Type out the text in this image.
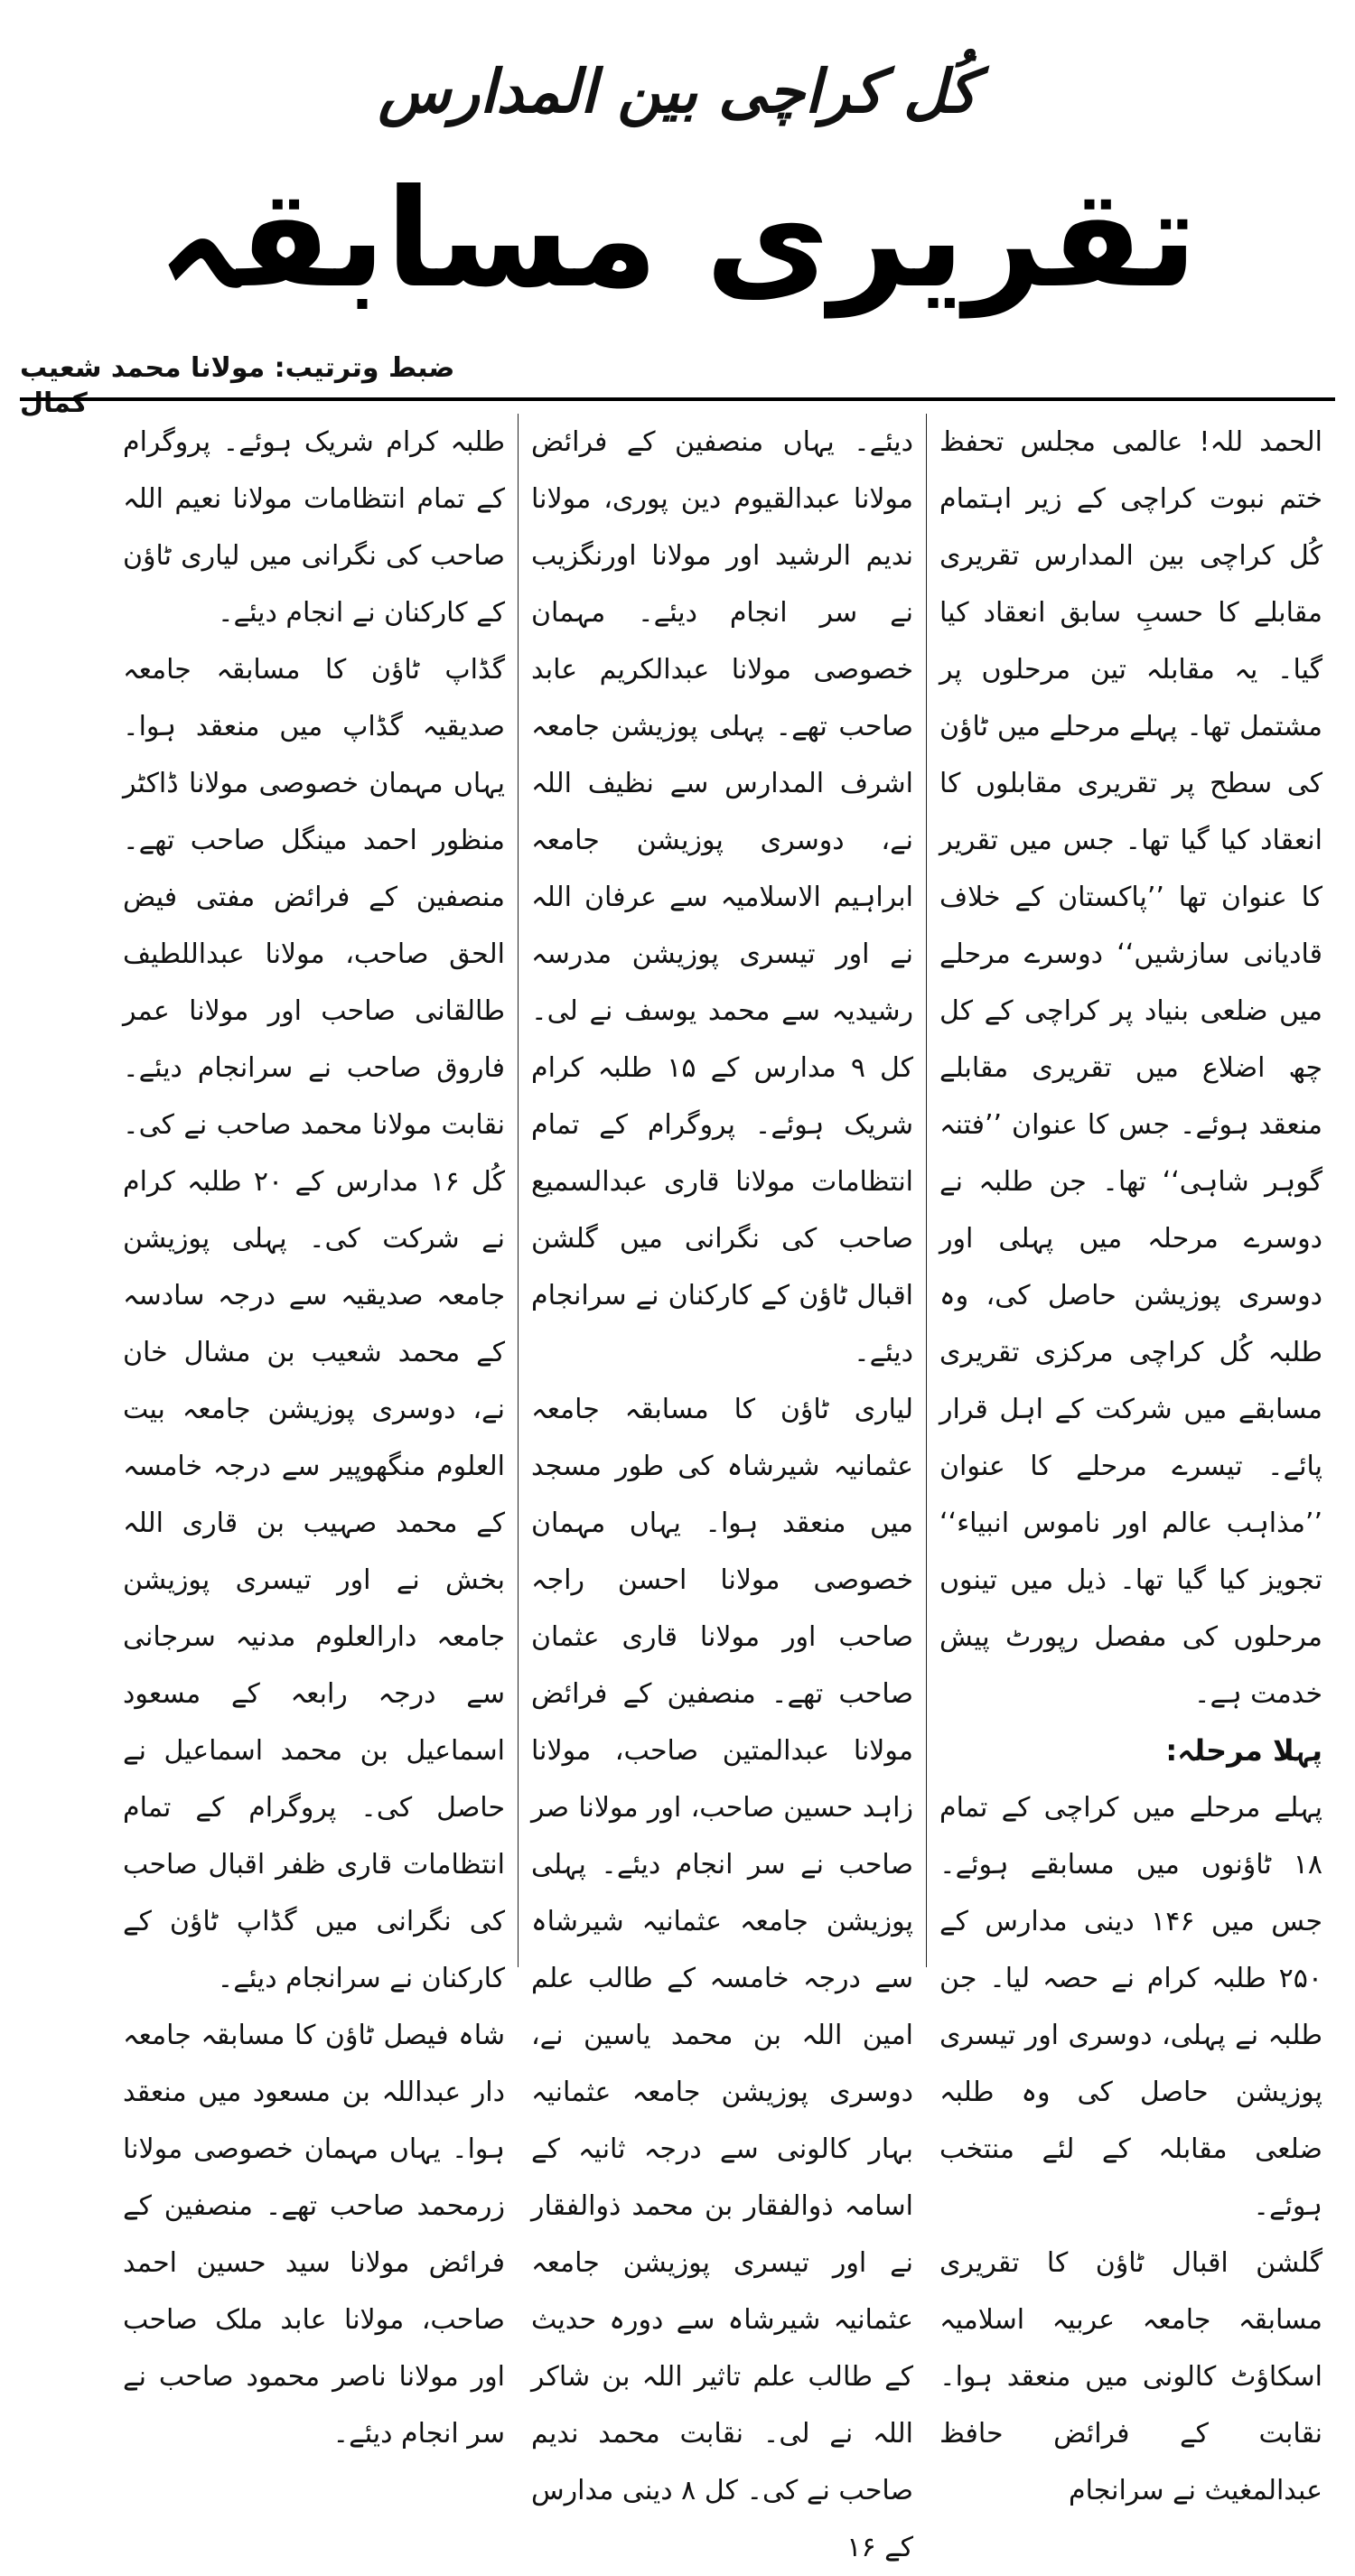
کُل کراچی بین المدارس
تقریری مسابقہ
ضبط وترتیب: مولانا محمد شعیب کمال

الحمد للہ! عالمی مجلس تحفظ ختم نبوت کراچی کے زیر اہتمام کُل کراچی بین المدارس تقریری مقابلے کا حسبِ سابق انعقاد کیا گیا۔ یہ مقابلہ تین مرحلوں پر مشتمل تھا۔ پہلے مرحلے میں ٹاؤن کی سطح پر تقریری مقابلوں کا انعقاد کیا گیا تھا۔ جس میں تقریر کا عنوان تھا ’’پاکستان کے خلاف قادیانی سازشیں‘‘ دوسرے مرحلے میں ضلعی بنیاد پر کراچی کے کل چھ اضلاع میں تقریری مقابلے منعقد ہوئے۔ جس کا عنوان ’’فتنہ گوہر شاہی‘‘ تھا۔ جن طلبہ نے دوسرے مرحلہ میں پہلی اور دوسری پوزیشن حاصل کی، وہ طلبہ کُل کراچی مرکزی تقریری مسابقے میں شرکت کے اہل قرار پائے۔ تیسرے مرحلے کا عنوان ’’مذاہب عالم اور ناموس انبیاء‘‘ تجویز کیا گیا تھا۔ ذیل میں تینوں مرحلوں کی مفصل رپورٹ پیش خدمت ہے۔

پہلا مرحلہ:

پہلے مرحلے میں کراچی کے تمام ۱۸ ٹاؤنوں میں مسابقے ہوئے۔ جس میں ۱۴۶ دینی مدارس کے ۲۵۰ طلبہ کرام نے حصہ لیا۔ جن طلبہ نے پہلی، دوسری اور تیسری پوزیشن حاصل کی وہ طلبہ ضلعی مقابلہ کے لئے منتخب ہوئے۔

گلشن اقبال ٹاؤن کا تقریری مسابقہ جامعہ عربیہ اسلامیہ اسکاؤٹ کالونی میں منعقد ہوا۔ نقابت کے فرائض حافظ عبدالمغیث نے سرانجام

دیئے۔ یہاں منصفین کے فرائض مولانا عبدالقیوم دین پوری، مولانا ندیم الرشید اور مولانا اورنگزیب نے سر انجام دیئے۔ مہمان خصوصی مولانا عبدالکریم عابد صاحب تھے۔ پہلی پوزیشن جامعہ اشرف المدارس سے نظیف اللہ نے، دوسری پوزیشن جامعہ ابراہیم الاسلامیہ سے عرفان اللہ نے اور تیسری پوزیشن مدرسہ رشیدیہ سے محمد یوسف نے لی۔ کل ۹ مدارس کے ۱۵ طلبہ کرام شریک ہوئے۔ پروگرام کے تمام انتظامات مولانا قاری عبدالسمیع صاحب کی نگرانی میں گلشن اقبال ٹاؤن کے کارکنان نے سرانجام دیئے۔

لیاری ٹاؤن کا مسابقہ جامعہ عثمانیہ شیرشاہ کی طور مسجد میں منعقد ہوا۔ یہاں مہمان خصوصی مولانا احسن راجہ صاحب اور مولانا قاری عثمان صاحب تھے۔ منصفین کے فرائض مولانا عبدالمتین صاحب، مولانا زاہد حسین صاحب، اور مولانا صر صاحب نے سر انجام دیئے۔ پہلی پوزیشن جامعہ عثمانیہ شیرشاہ سے درجہ خامسہ کے طالب علم امین اللہ بن محمد یاسین نے، دوسری پوزیشن جامعہ عثمانیہ بہار کالونی سے درجہ ثانیہ کے اسامہ ذوالفقار بن محمد ذوالفقار نے اور تیسری پوزیشن جامعہ عثمانیہ شیرشاہ سے دورہ حدیث کے طالب علم تاثیر اللہ بن شاکر اللہ نے لی۔ نقابت محمد ندیم صاحب نے کی۔ کل ۸ دینی مدارس کے ۱۶

طلبہ کرام شریک ہوئے۔ پروگرام کے تمام انتظامات مولانا نعیم اللہ صاحب کی نگرانی میں لیاری ٹاؤن کے کارکنان نے انجام دیئے۔

گڈاپ ٹاؤن کا مسابقہ جامعہ صدیقیہ گڈاپ میں منعقد ہوا۔ یہاں مہمان خصوصی مولانا ڈاکٹر منظور احمد مینگل صاحب تھے۔ منصفین کے فرائض مفتی فیض الحق صاحب، مولانا عبداللطیف طالقانی صاحب اور مولانا عمر فاروق صاحب نے سرانجام دیئے۔ نقابت مولانا محمد صاحب نے کی۔ کُل ۱۶ مدارس کے ۲۰ طلبہ کرام نے شرکت کی۔ پہلی پوزیشن جامعہ صدیقیہ سے درجہ سادسہ کے محمد شعیب بن مشال خان نے، دوسری پوزیشن جامعہ بیت العلوم منگھوپیر سے درجہ خامسہ کے محمد صہیب بن قاری اللہ بخش نے اور تیسری پوزیشن جامعہ دارالعلوم مدنیہ سرجانی سے درجہ رابعہ کے مسعود اسماعیل بن محمد اسماعیل نے حاصل کی۔ پروگرام کے تمام انتظامات قاری ظفر اقبال صاحب کی نگرانی میں گڈاپ ٹاؤن کے کارکنان نے سرانجام دیئے۔

شاہ فیصل ٹاؤن کا مسابقہ جامعہ دار عبداللہ بن مسعود میں منعقد ہوا۔ یہاں مہمان خصوصی مولانا زرمحمد صاحب تھے۔ منصفین کے فرائض مولانا سید حسین احمد صاحب، مولانا عابد ملک صاحب اور مولانا ناصر محمود صاحب نے سر انجام دیئے۔
